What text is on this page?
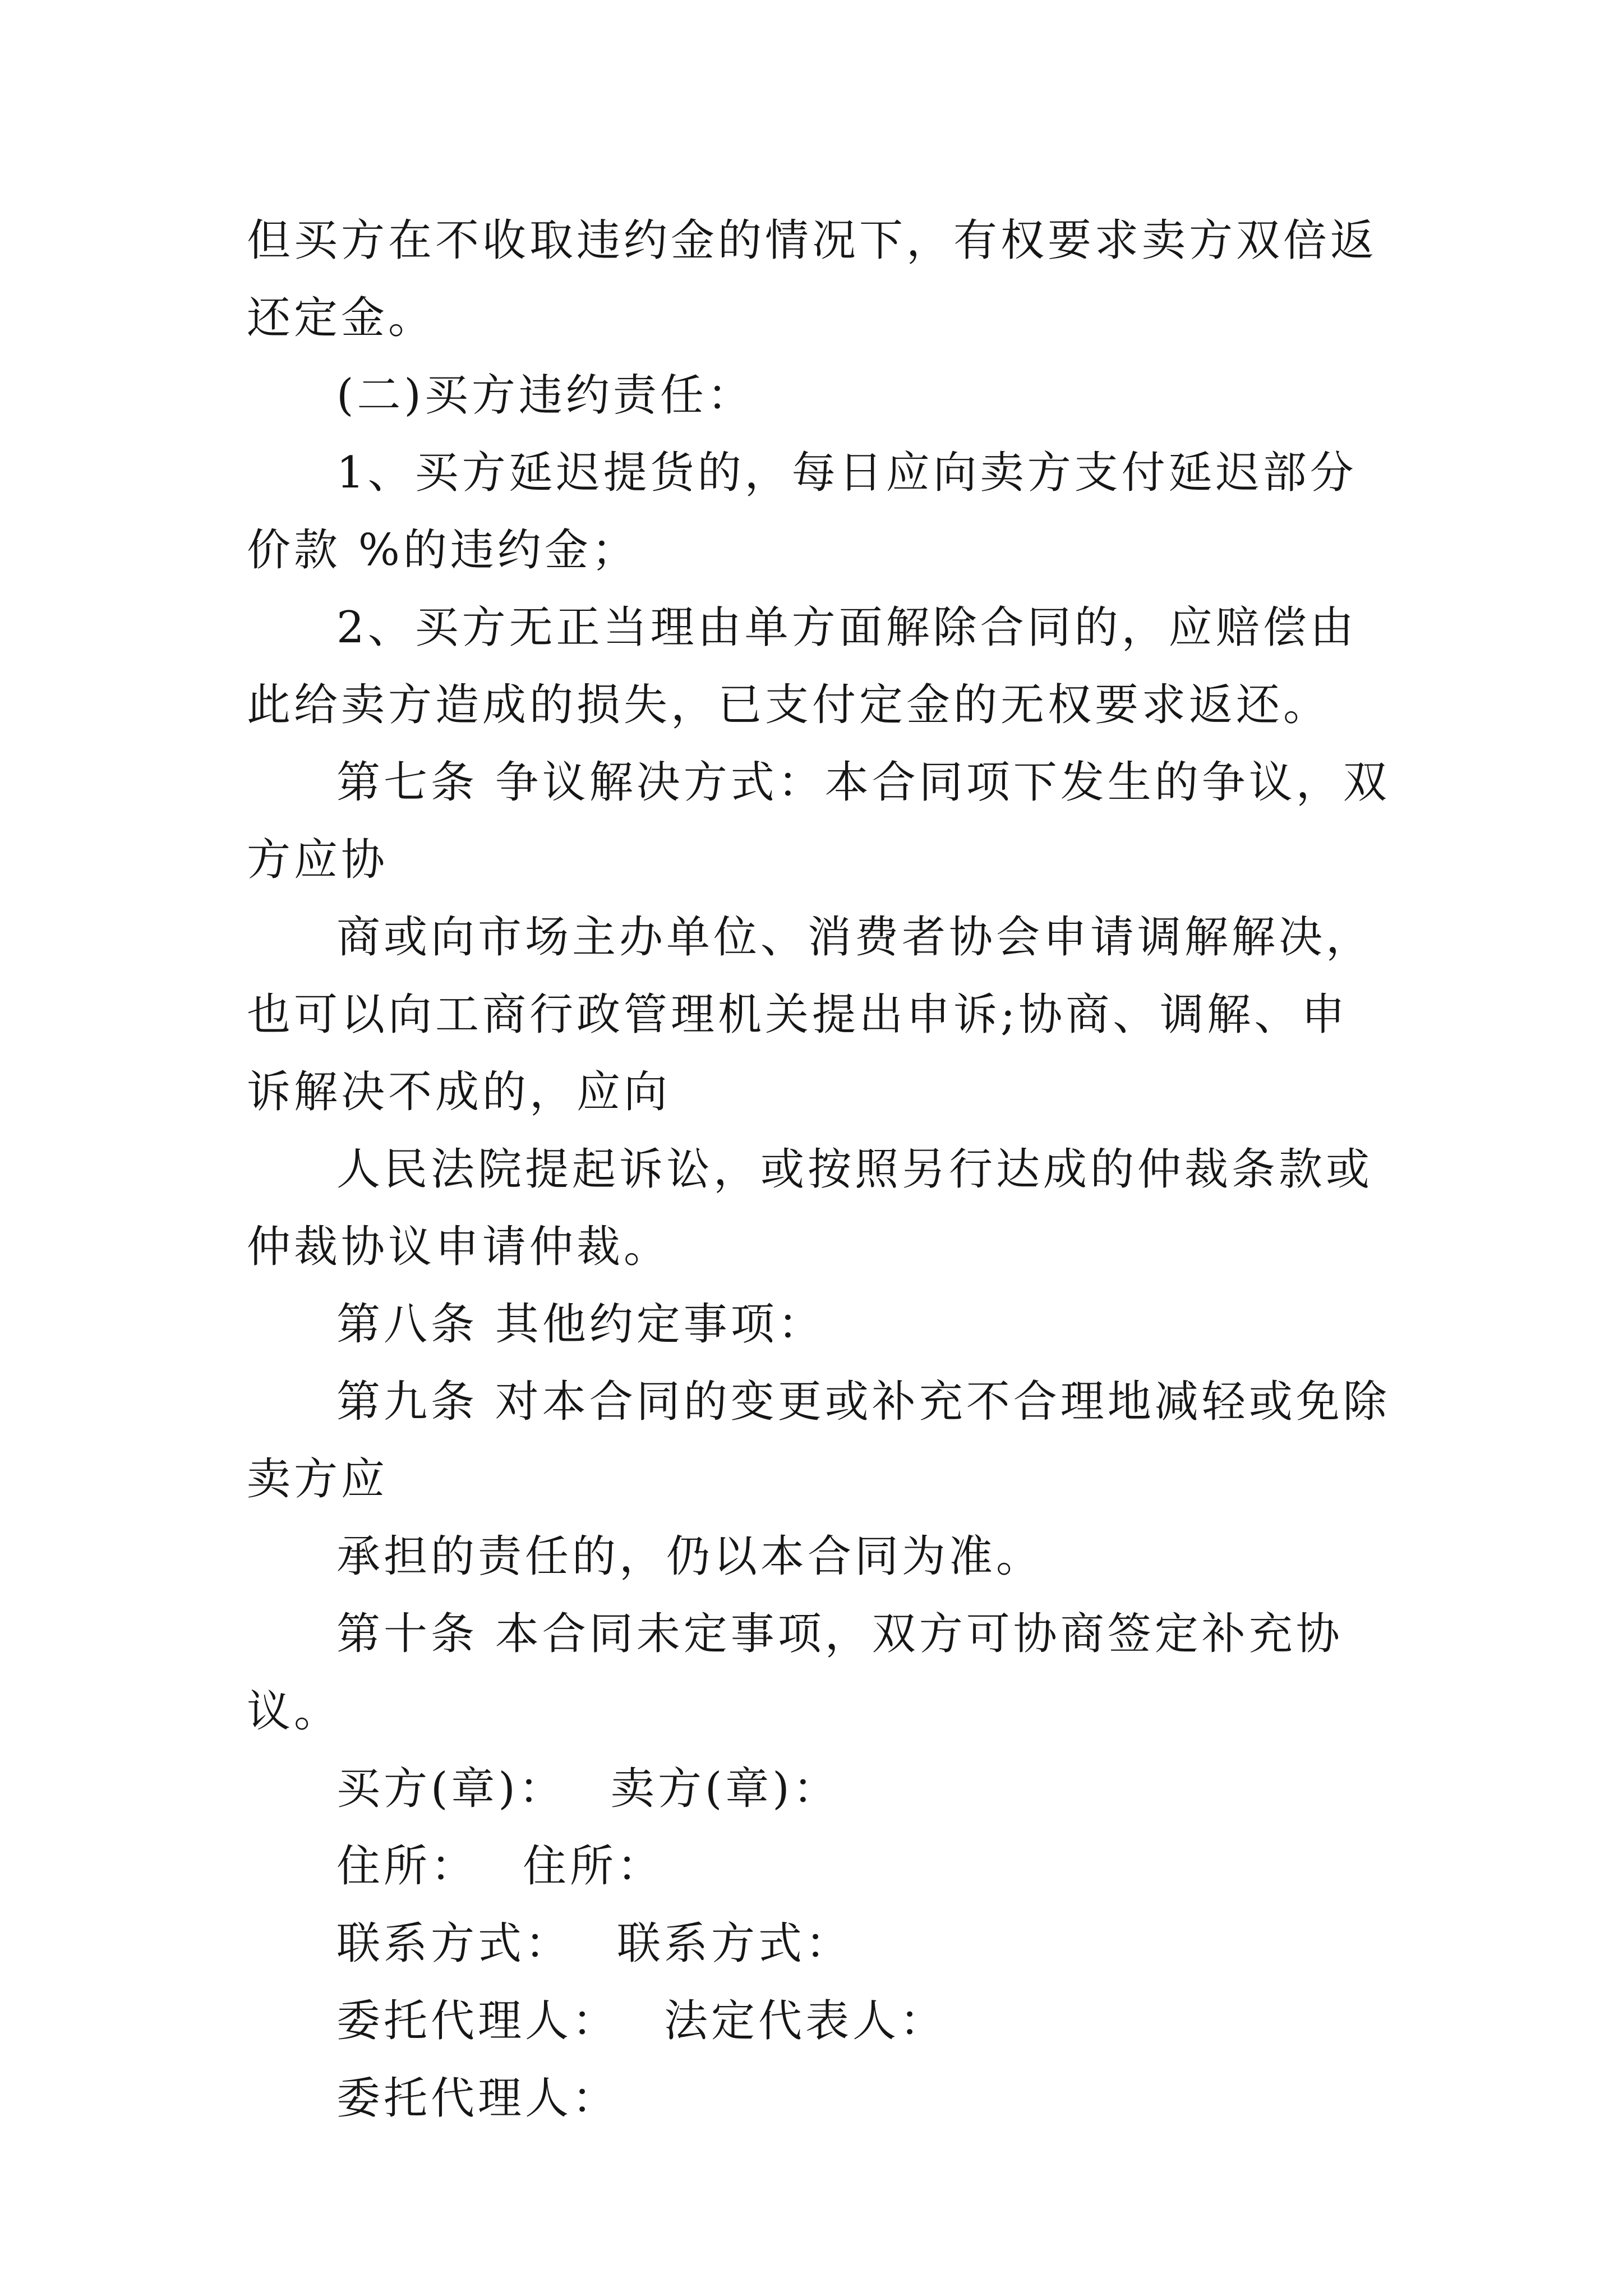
但买方在不收取违约金的情况下，有权要求卖方双倍返还定金。

(二)买方违约责任：

1、买方延迟提货的，每日应向卖方支付延迟部分价款 %的违约金；

2、买方无正当理由单方面解除合同的，应赔偿由此给卖方造成的损失，已支付定金的无权要求返还。

第七条 争议解决方式：本合同项下发生的争议，双方应协

商或向市场主办单位、消费者协会申请调解解决，也可以向工商行政管理机关提出申诉;协商、调解、申诉解决不成的，应向

人民法院提起诉讼，或按照另行达成的仲裁条款或仲裁协议申请仲裁。

第八条 其他约定事项：

第九条 对本合同的变更或补充不合理地减轻或免除卖方应

承担的责任的，仍以本合同为准。

第十条 本合同未定事项，双方可协商签定补充协议。

买方(章)： 卖方(章)：
住所： 住所：
联系方式： 联系方式：
委托代理人： 法定代表人：
委托代理人：
